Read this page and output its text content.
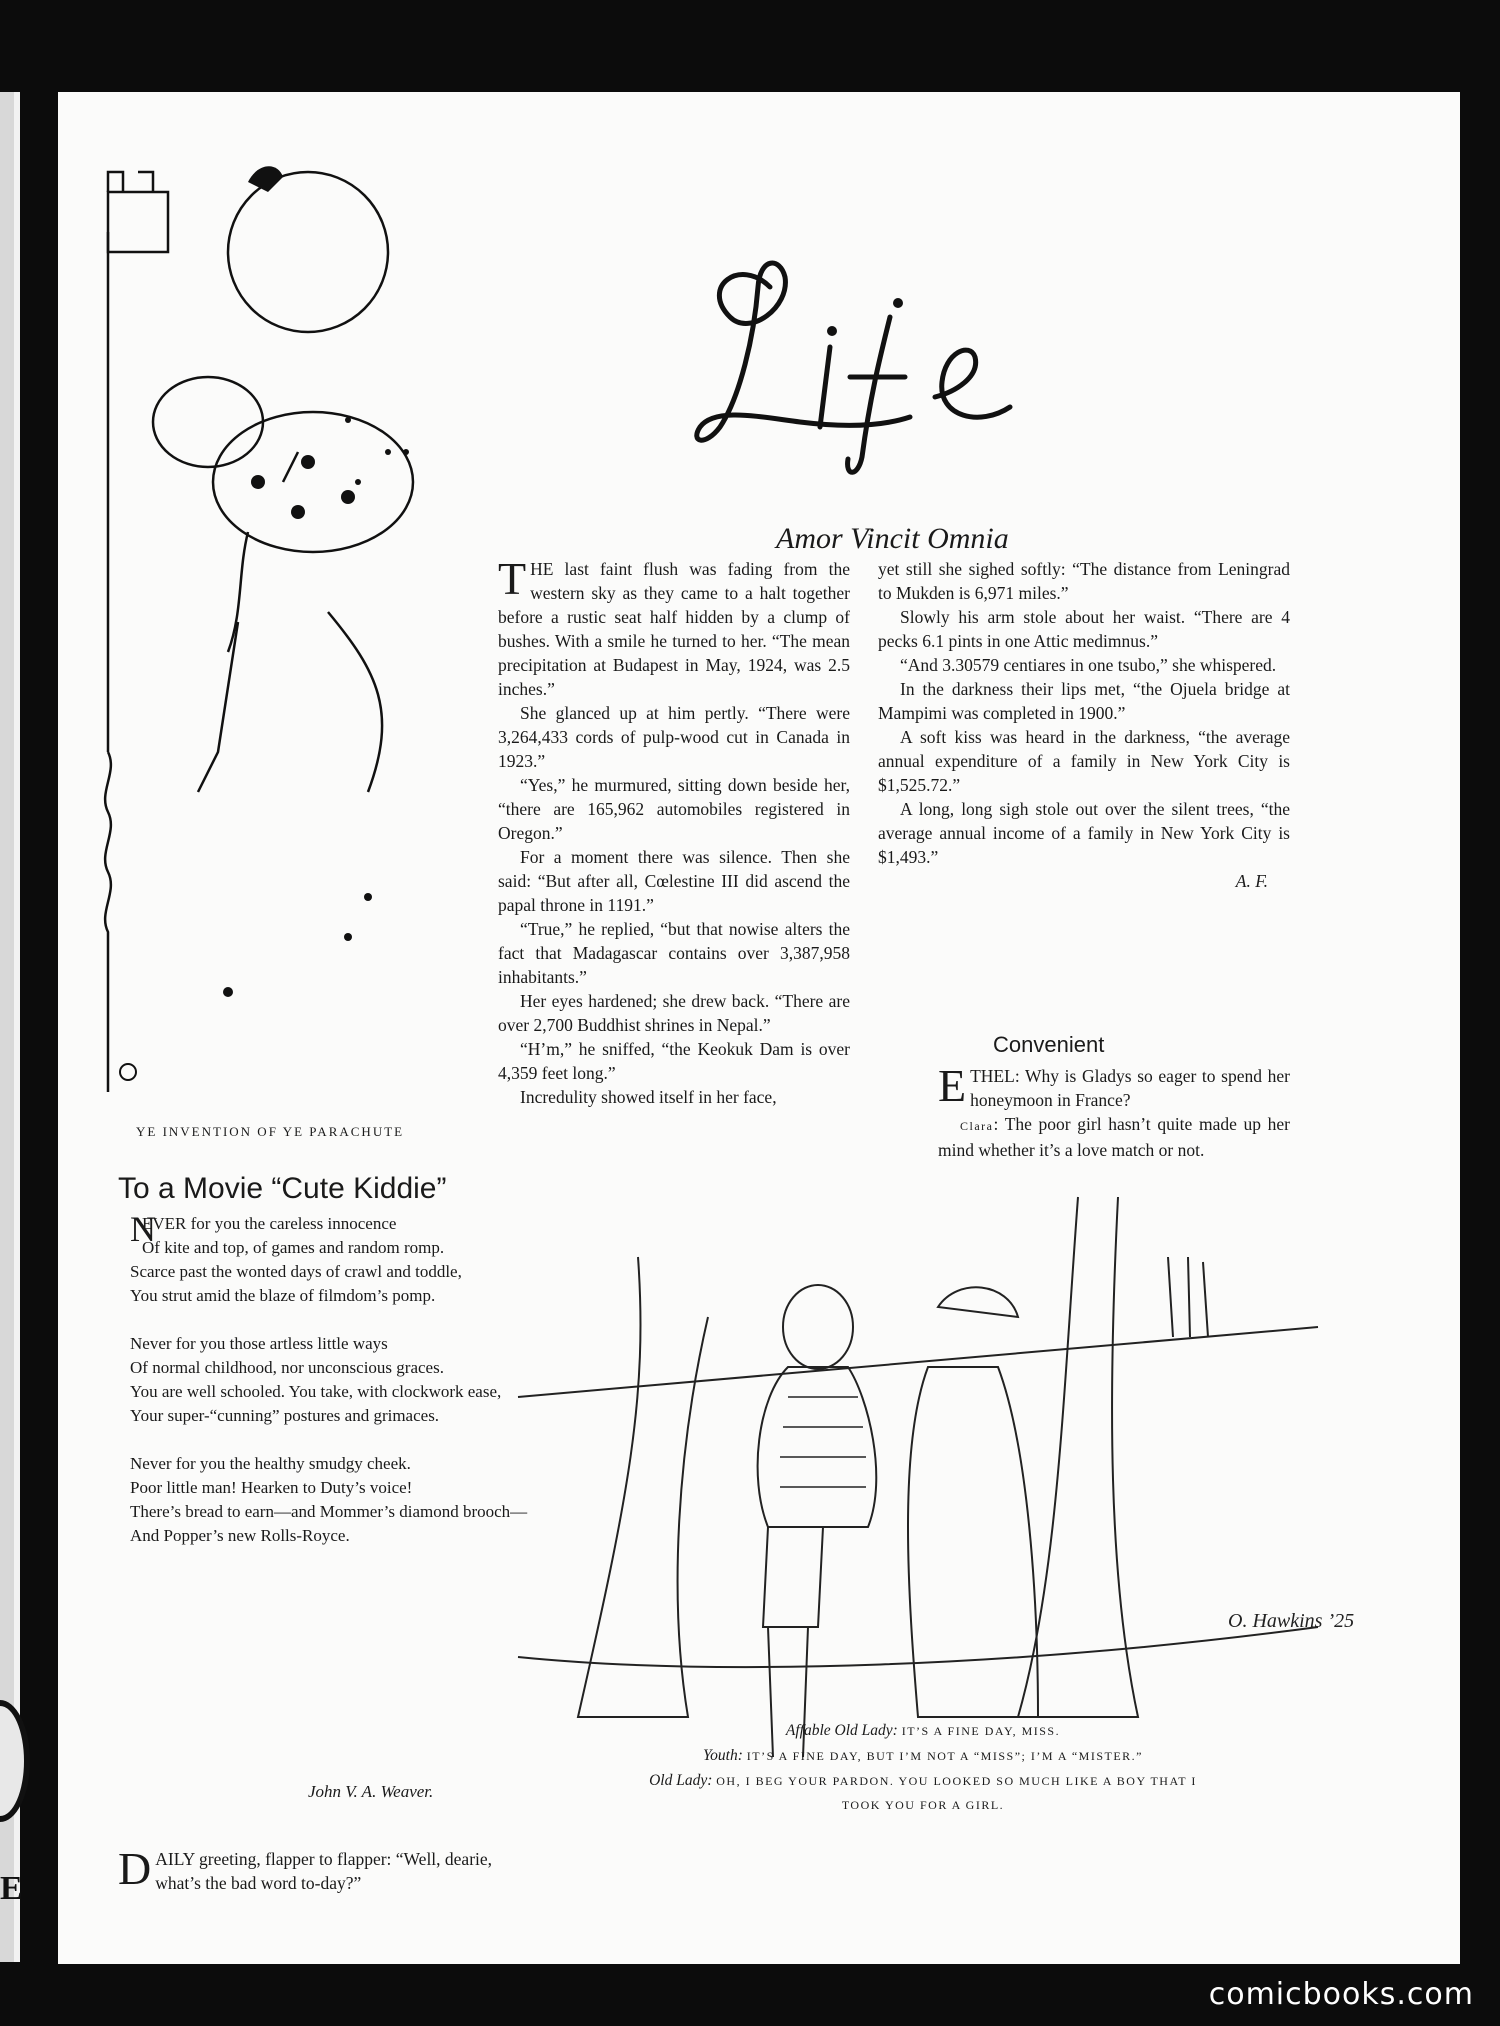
E
YE INVENTION OF YE PARACHUTE
Amor Vincit Omnia

THE last faint flush was fading from the western sky as they came to a halt together before a rustic seat half hidden by a clump of bushes. With a smile he turned to her. “The mean precipitation at Budapest in May, 1924, was 2.5 inches.”

She glanced up at him pertly. “There were 3,264,433 cords of pulp-wood cut in Canada in 1923.”

“Yes,” he murmured, sitting down beside her, “there are 165,962 automobiles registered in Oregon.”

For a moment there was silence. Then she said: “But after all, Cœlestine III did ascend the papal throne in 1191.”

“True,” he replied, “but that nowise alters the fact that Madagascar contains over 3,387,958 inhabitants.”

Her eyes hardened; she drew back. “There are over 2,700 Buddhist shrines in Nepal.”

“H’m,” he sniffed, “the Keokuk Dam is over 4,359 feet long.”

Incredulity showed itself in her face,

yet still she sighed softly: “The distance from Leningrad to Mukden is 6,971 miles.”

Slowly his arm stole about her waist. “There are 4 pecks 6.1 pints in one Attic medimnus.”

“And 3.30579 centiares in one tsubo,” she whispered.

In the darkness their lips met, “the Ojuela bridge at Mampimi was completed in 1900.”

A soft kiss was heard in the darkness, “the average annual expenditure of a family in New York City is $1,525.72.”

A long, long sigh stole out over the silent trees, “the average annual income of a family in New York City is $1,493.”

A. F.

Convenient

ETHEL: Why is Gladys so eager to spend her honeymoon in France?

Clara: The poor girl hasn’t quite made up her mind whether it’s a love match or not.

To a Movie “Cute Kiddie”
N
EVER for you the careless innocence
Of kite and top, of games and random romp.
Scarce past the wonted days of crawl and toddle,
You strut amid the blaze of filmdom’s pomp.
Never for you those artless little ways
Of normal childhood, nor unconscious graces.
You are well schooled. You take, with clockwork ease,
Your super-“cunning” postures and grimaces.
Never for you the healthy smudgy cheek.
Poor little man! Hearken to Duty’s voice!
There’s bread to earn—and Mommer’s diamond brooch—
And Popper’s new Rolls-Royce.
John V. A. Weaver.
DAILY greeting, flapper to flapper: “Well, dearie, what’s the bad word to-day?”
O. Hawkins ’25
Affable Old Lady: IT’S A FINE DAY, MISS.
Youth: IT’S A FINE DAY, BUT I’M NOT A “MISS”; I’M A “MISTER.”
Old Lady: OH, I BEG YOUR PARDON. YOU LOOKED SO MUCH LIKE A BOY THAT I
TOOK YOU FOR A GIRL.
comicbooks.com
